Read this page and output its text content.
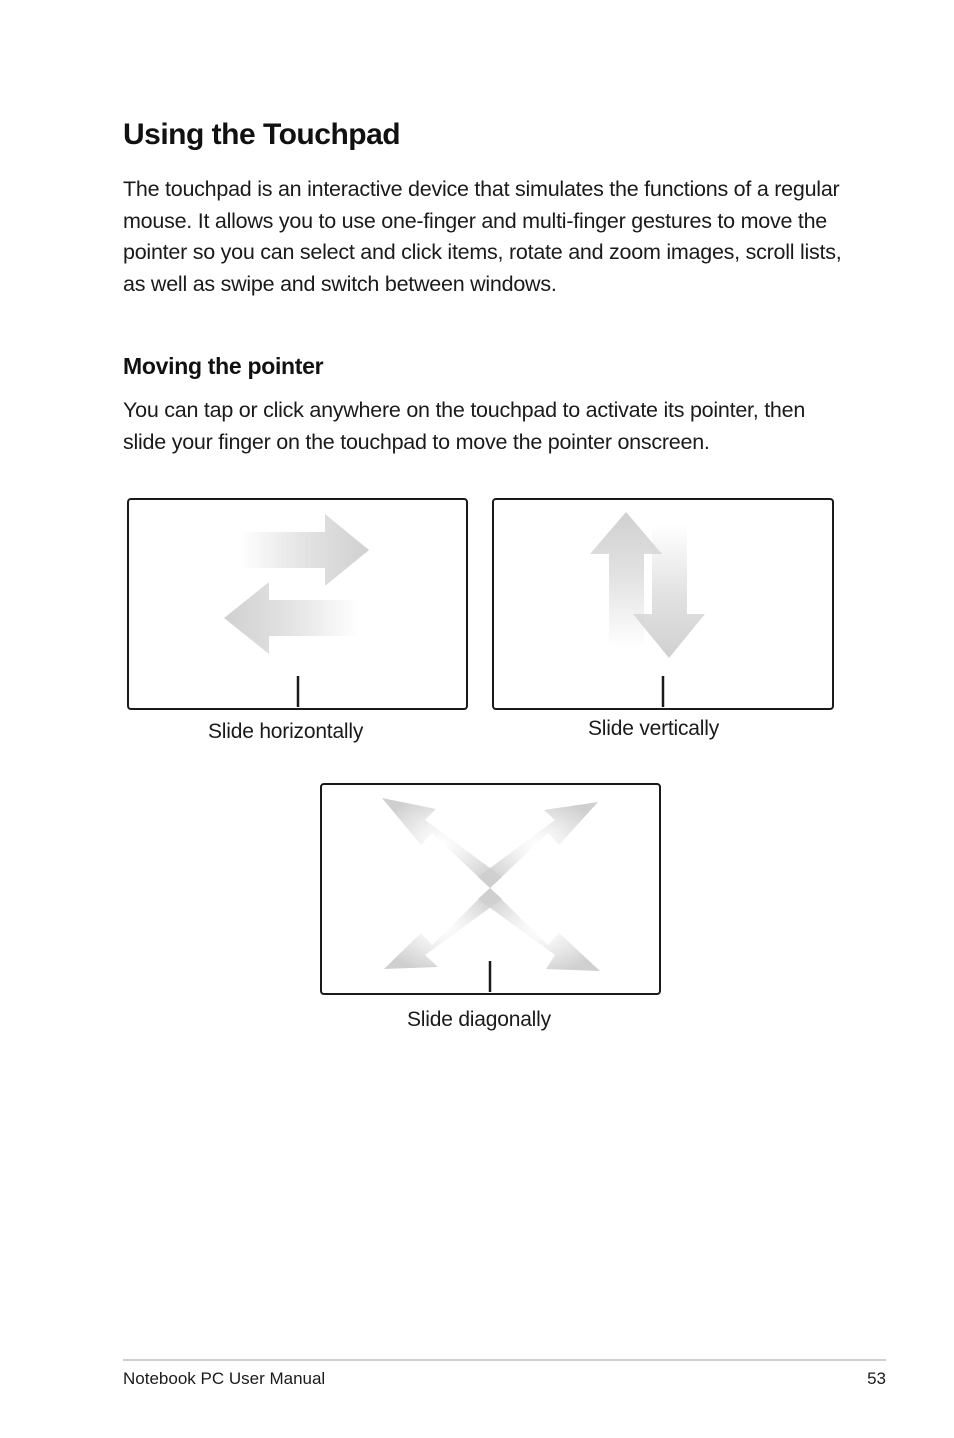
Using the Touchpad

The touchpad is an interactive device that simulates the functions of a regular mouse. It allows you to use one-finger and multi-finger gestures to move the pointer so you can select and click items, rotate and zoom images, scroll lists, as well as swipe and switch between windows.

Moving the pointer

You can tap or click anywhere on the touchpad to activate its pointer, then slide your finger on the touchpad to move the pointer onscreen.

Slide horizontally	Slide vertically
Slide diagonally
Notebook PC User Manual	53
